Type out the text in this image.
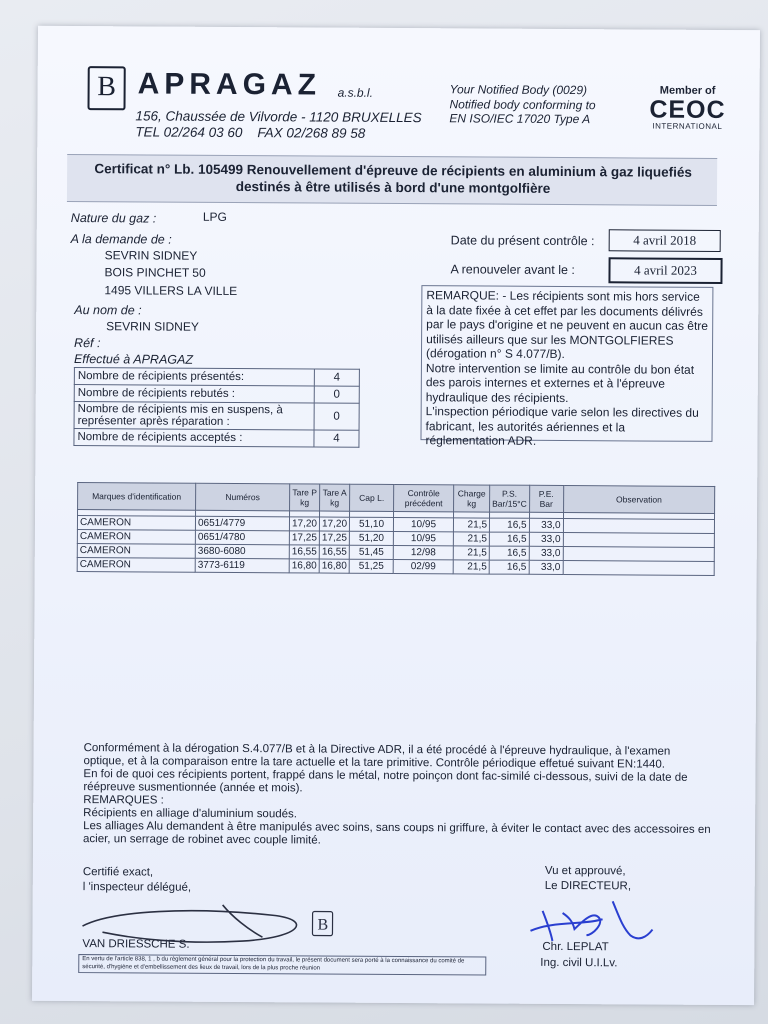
B APRAGAZ a.s.b.l.
156, Chaussée de Vilvorde - 1120 BRUXELLES
TEL 02/264 03 60    FAX 02/268 89 58
Your Notified Body (0029)
Notified body conforming to
EN ISO/IEC 17020 Type A
Member of
CEOC
INTERNATIONAL
Certificat n° Lb. 105499 Renouvellement d'épreuve de récipients en aluminium à gaz liquefiés
destinés à être utilisés à bord d'une montgolfière
Nature du gaz :	LPG
A la demande de :
SEVRIN SIDNEY
BOIS PINCHET 50
1495 VILLERS LA VILLE
Au nom de :
SEVRIN SIDNEY
Réf :
Effectué à APRAGAZ
Nombre de récipients présentés:	4
Nombre de récipients rebutés :	0
Nombre de récipients mis en suspens, à représenter après réparation :	0
Nombre de récipients acceptés :	4
Date du présent contrôle :	4 avril 2018
A renouveler avant le :	4 avril 2023
REMARQUE: - Les récipients sont mis hors service à la date fixée à cet effet par les documents délivrés par le pays d'origine et ne peuvent en aucun cas être utilisés ailleurs que sur les MONTGOLFIERES (dérogation n° S 4.077/B).
Notre intervention se limite au contrôle du bon état des parois internes et externes et à l'épreuve hydraulique des récipients.
L'inspection périodique varie selon les directives du fabricant, les autorités aériennes et la réglementation ADR.
Marques d'identification	Numéros	Tare P kg	Tare A kg	Cap L.	Contrôle précédent	Charge kg	P.S. Bar/15°C	P.E. Bar	Observation

CAMERON	0651/4779	17,20	17,20	51,10	10/95	21,5	16,5	33,0	
CAMERON	0651/4780	17,25	17,25	51,20	10/95	21,5	16,5	33,0	
CAMERON	3680-6080	16,55	16,55	51,45	12/98	21,5	16,5	33,0	
CAMERON	3773-6119	16,80	16,80	51,25	02/99	21,5	16,5	33,0	
Conformément à la dérogation S.4.077/B et à la Directive ADR, il a été procédé à l'épreuve hydraulique, à l'examen optique, et à la comparaison entre la tare actuelle et la tare primitive. Contrôle périodique effetué suivant EN:1440.
En foi de quoi ces récipients portent, frappé dans le métal, notre poinçon dont fac-similé ci-dessous, suivi de la date de réépreuve susmentionnée (année et mois).
REMARQUES :
Récipients en alliage d'aluminium soudés.
Les alliages Alu demandent à être manipulés avec soins, sans coups ni griffure, à éviter le contact avec des accessoires en acier, un serrage de robinet avec couple limité.
Certifié exact,
l 'inspecteur délégué,
VAN DRIESSCHE S.
B
Vu et approuvé,
Le DIRECTEUR,
Chr. LEPLAT
Ing. civil U.I.Lv.
En vertu de l'article 838, 1 , b du règlement général pour la protection du travail, le présent document sera porté à la connaissance du comité de sécurité, d'hygiène et d'embellissement des lieux de travail, lors de la plus proche réunion
